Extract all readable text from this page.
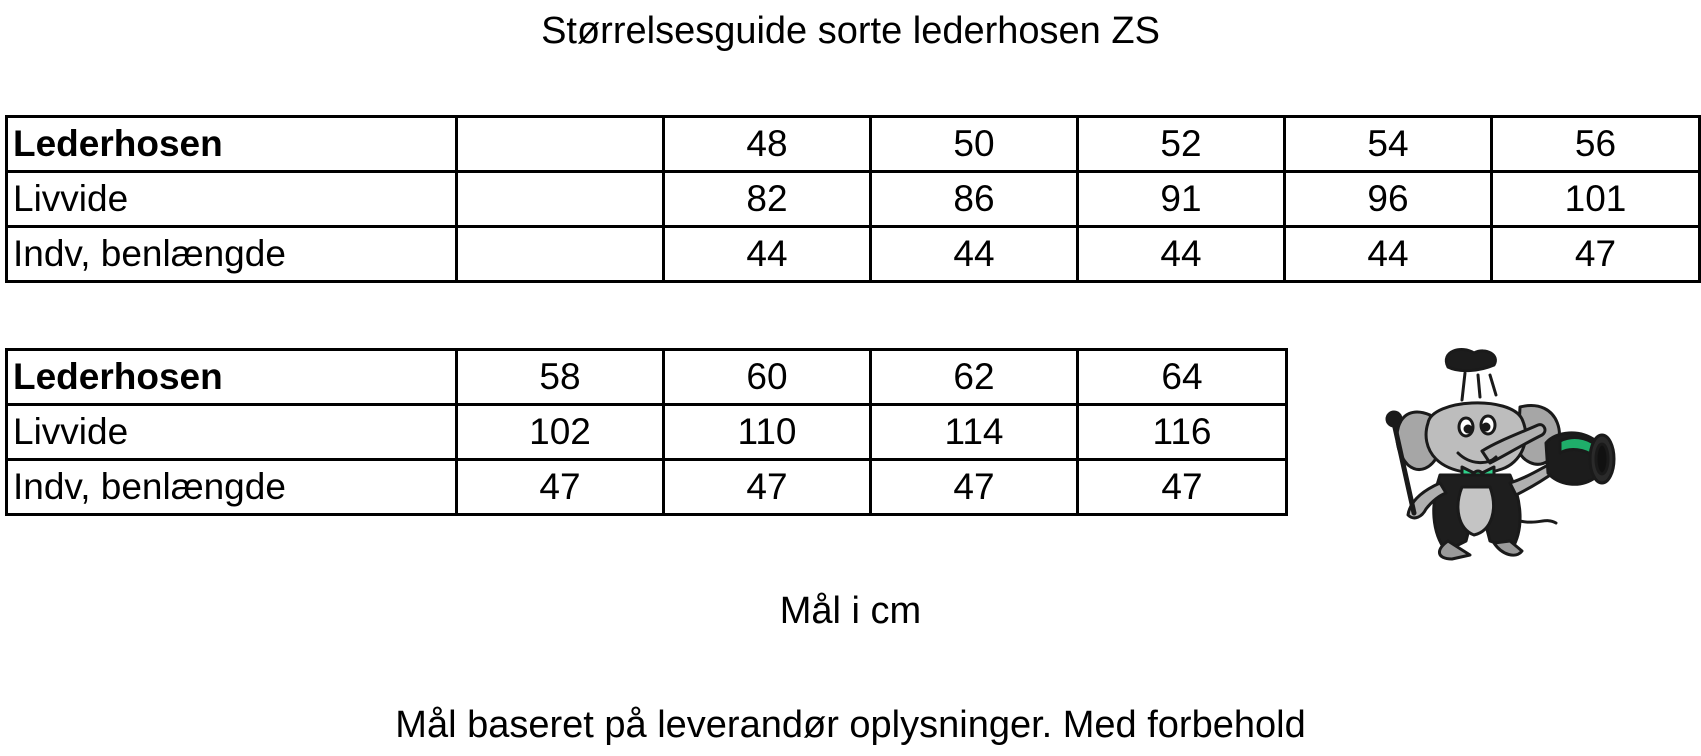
Størrelsesguide sorte lederhosen ZS
Lederhosen		48	50	52	54	56
Livvide		82	86	91	96	101
Indv, benlængde		44	44	44	44	47
Lederhosen	58	60	62	64
Livvide	102	110	114	116
Indv, benlængde	47	47	47	47
Mål i cm
Mål baseret på leverandør oplysninger. Med forbehold
